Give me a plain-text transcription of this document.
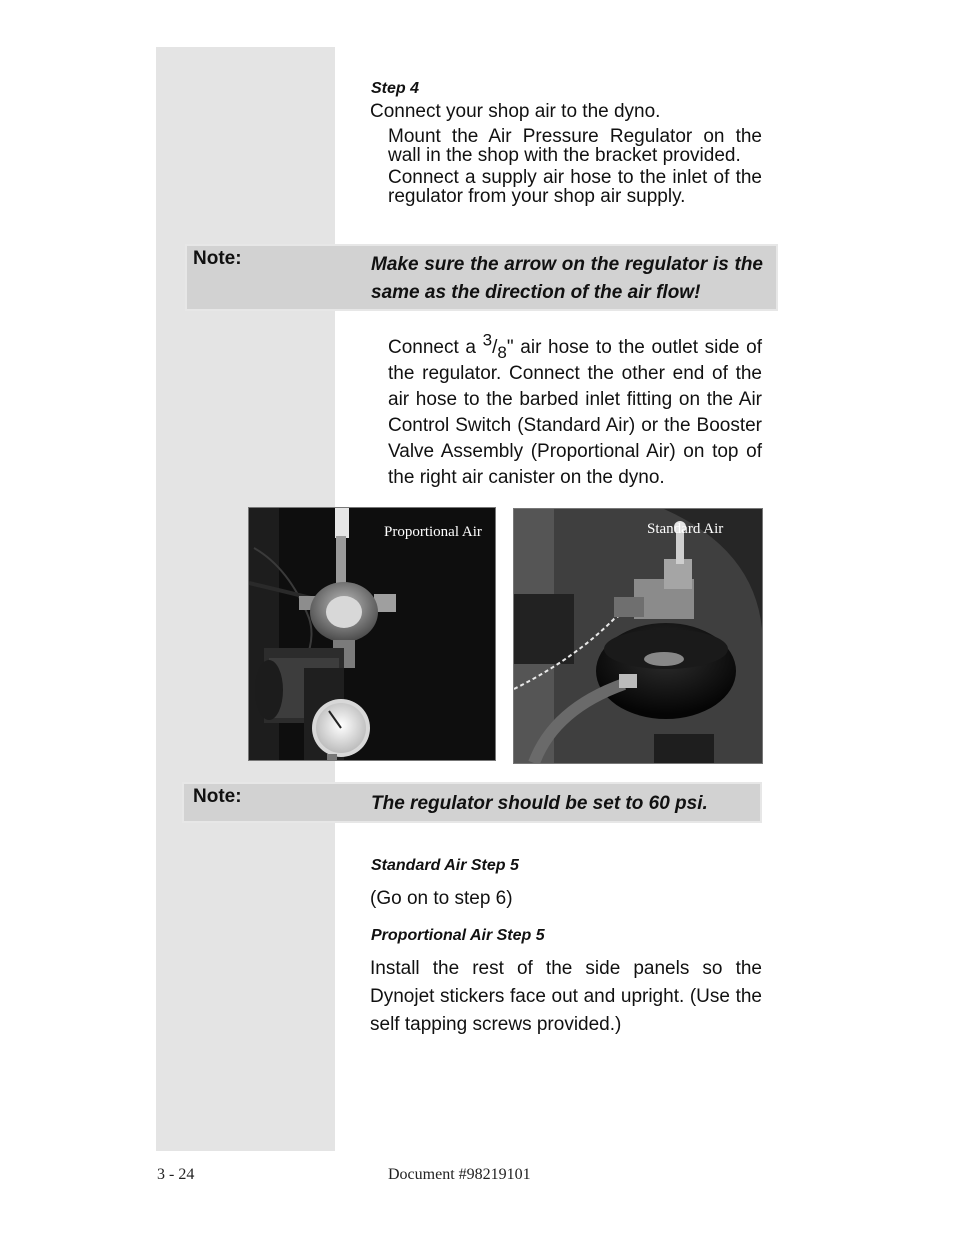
Step 4
Connect your shop air to the dyno.
Mount the Air Pressure Regulator on the wall in the shop with the bracket provided.
Connect a supply air hose to the inlet of the regulator from your shop air supply.
Note:	Make sure the arrow on the regulator is the same as the direction of the air flow!
Connect a $^3/_8$" air hose to the outlet side of the regulator. Connect the other end of the air hose to the barbed inlet fitting on the Air Control Switch (Standard Air) or the Booster Valve Assembly (Proportional Air) on top of the right air canister on the dyno.
Proportional Air	Standard Air
Note:	The regulator should be set to 60 psi.
Standard Air Step 5
(Go on to step 6)
Proportional Air Step 5
Install the rest of the side panels so the Dynojet stickers face out and upright. (Use the self tapping screws provided.)
3 - 24	Document #98219101
